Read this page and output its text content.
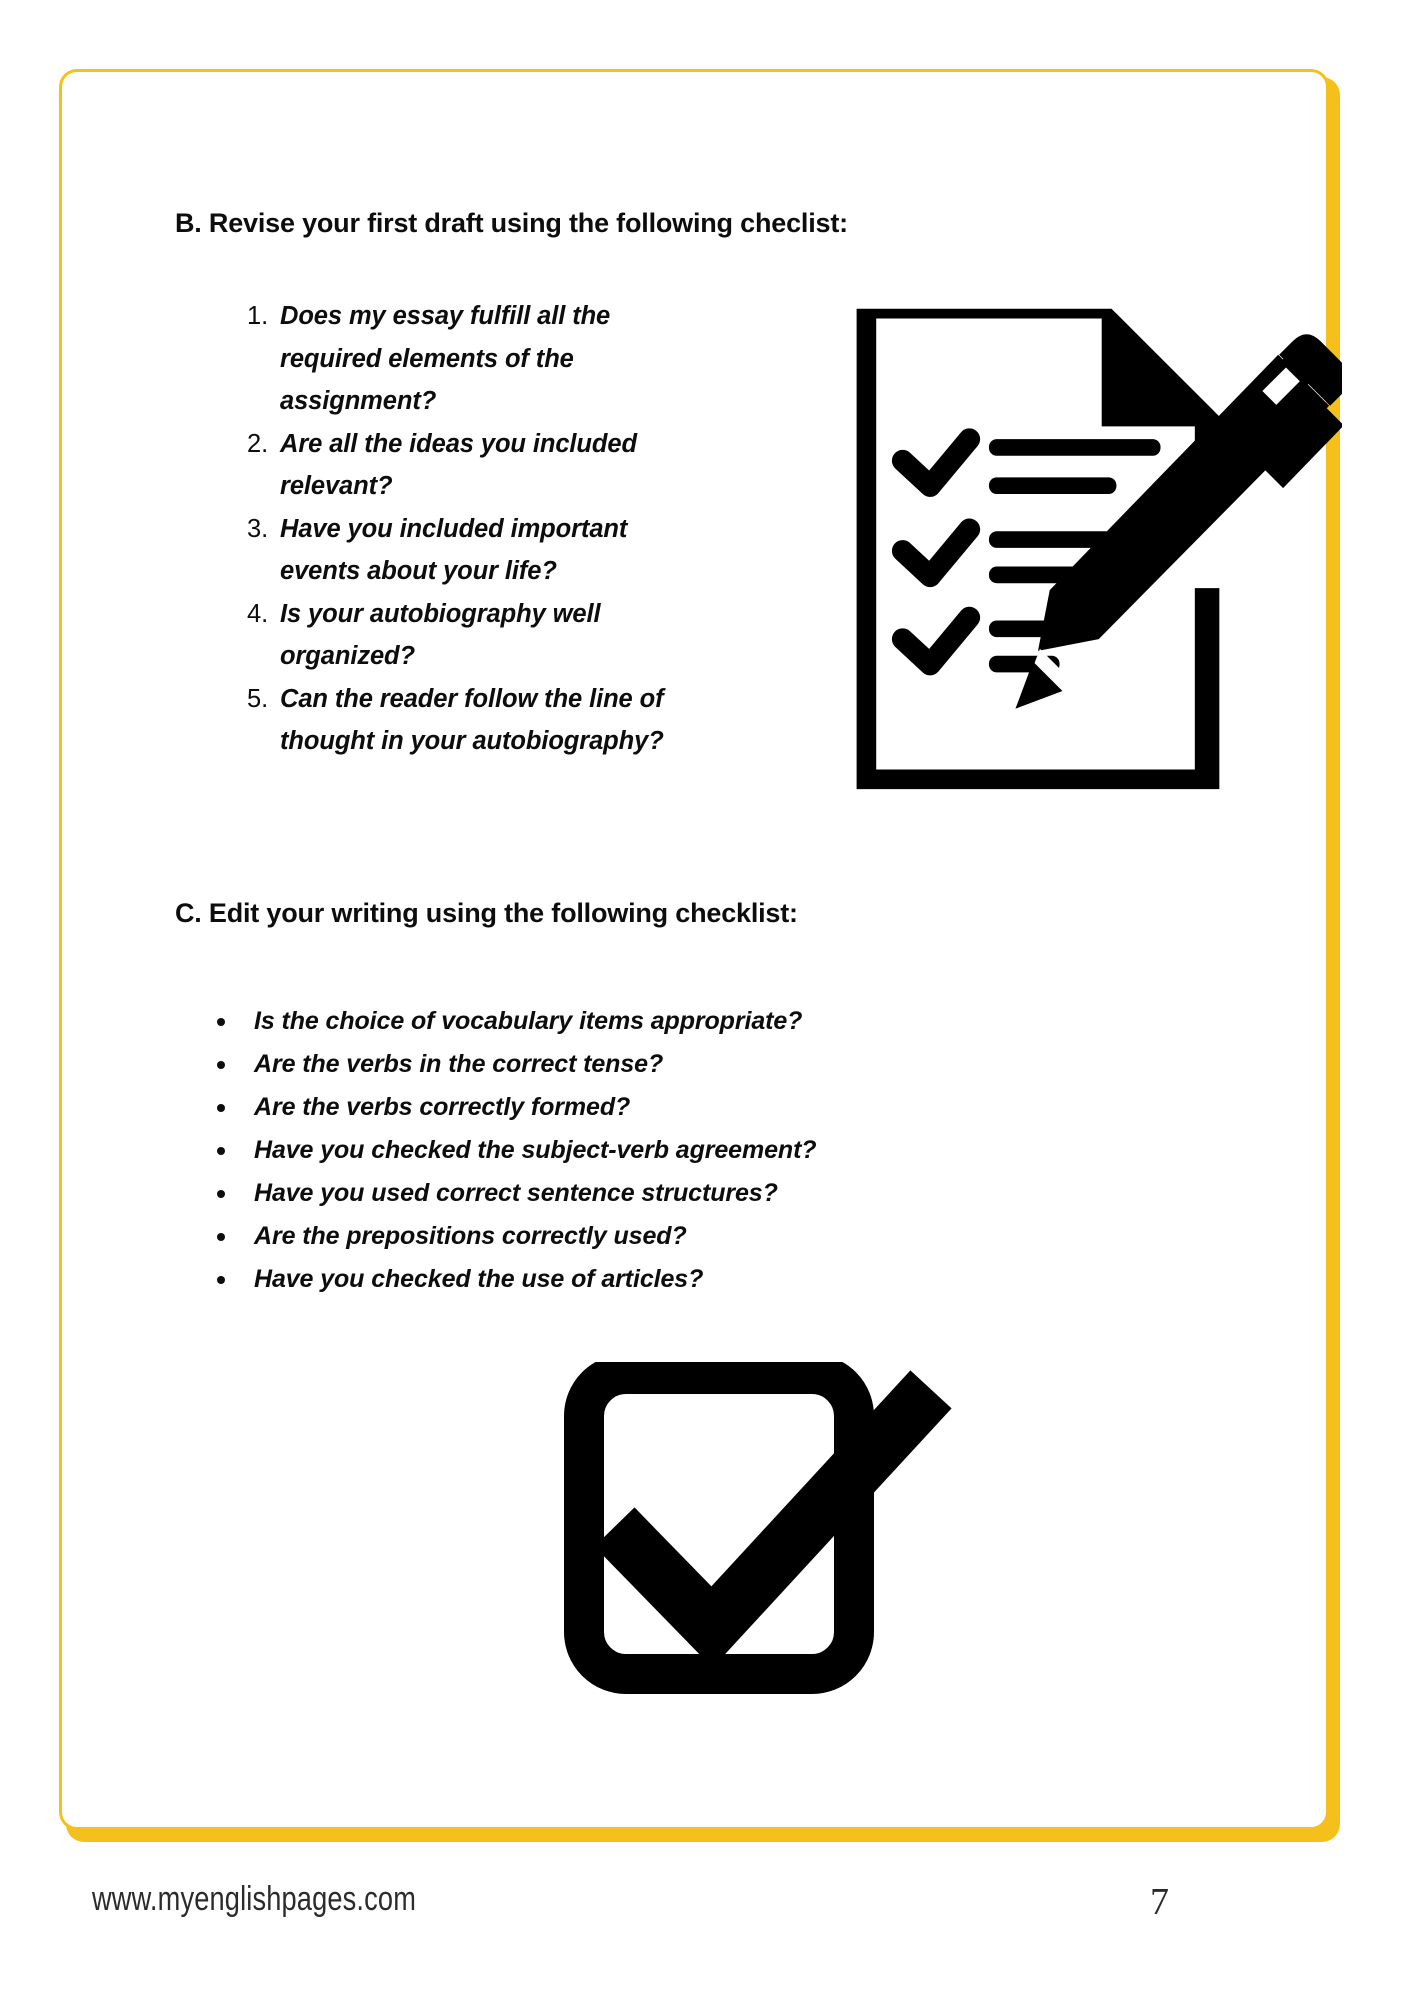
B. Revise your first draft using the following checlist:
1. Does my essay fulfill all the required elements of the assignment?
2. Are all the ideas you included relevant?
3. Have you included important events about your life?
4. Is your autobiography well organized?
5. Can the reader follow the line of thought in your autobiography?
C. Edit your writing using the following checklist:
Is the choice of vocabulary items appropriate?
Are the verbs in the correct tense?
Are the verbs correctly formed?
Have you checked the subject-verb agreement?
Have you used correct sentence structures?
Are the prepositions correctly used?
Have you checked the use of articles?
www.myenglishpages.com	7
